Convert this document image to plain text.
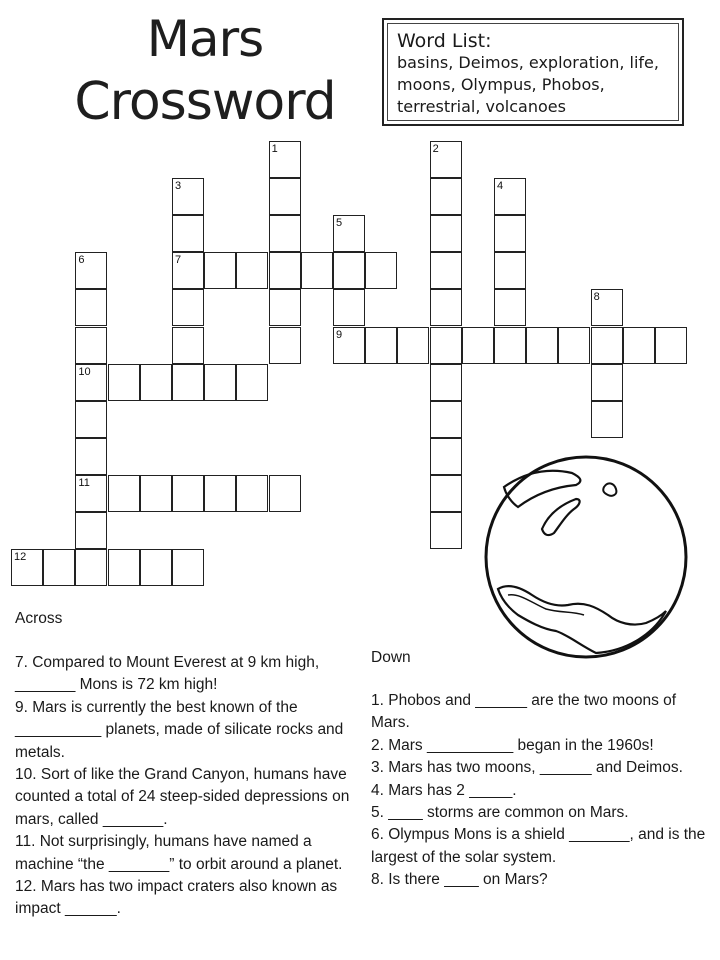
Mars
Crossword
Word List:
basins, Deimos, exploration, life, moons, Olympus, Phobos, terrestrial, volcanoes
1	2
3
7
4
5
9
6
10
11
8
12
Across

7. Compared to Mount Everest at 9 km high, _______ Mons is 72 km high!

9. Mars is currently the best known of the __________ planets, made of silicate rocks and metals.

10. Sort of like the Grand Canyon, humans have counted a total of 24 steep-sided depressions on mars, called _______.

11. Not surprisingly, humans have named a machine “the _______” to orbit around a planet.

12. Mars has two impact craters also known as impact ______.

Down

1. Phobos and ______ are the two moons of Mars.

2. Mars __________ began in the 1960s!

3. Mars has two moons, ______ and Deimos.

4. Mars has 2 _____.

5. ____ storms are common on Mars.

6. Olympus Mons is a shield _______, and is the largest of the solar system.

8. Is there ____ on Mars?
